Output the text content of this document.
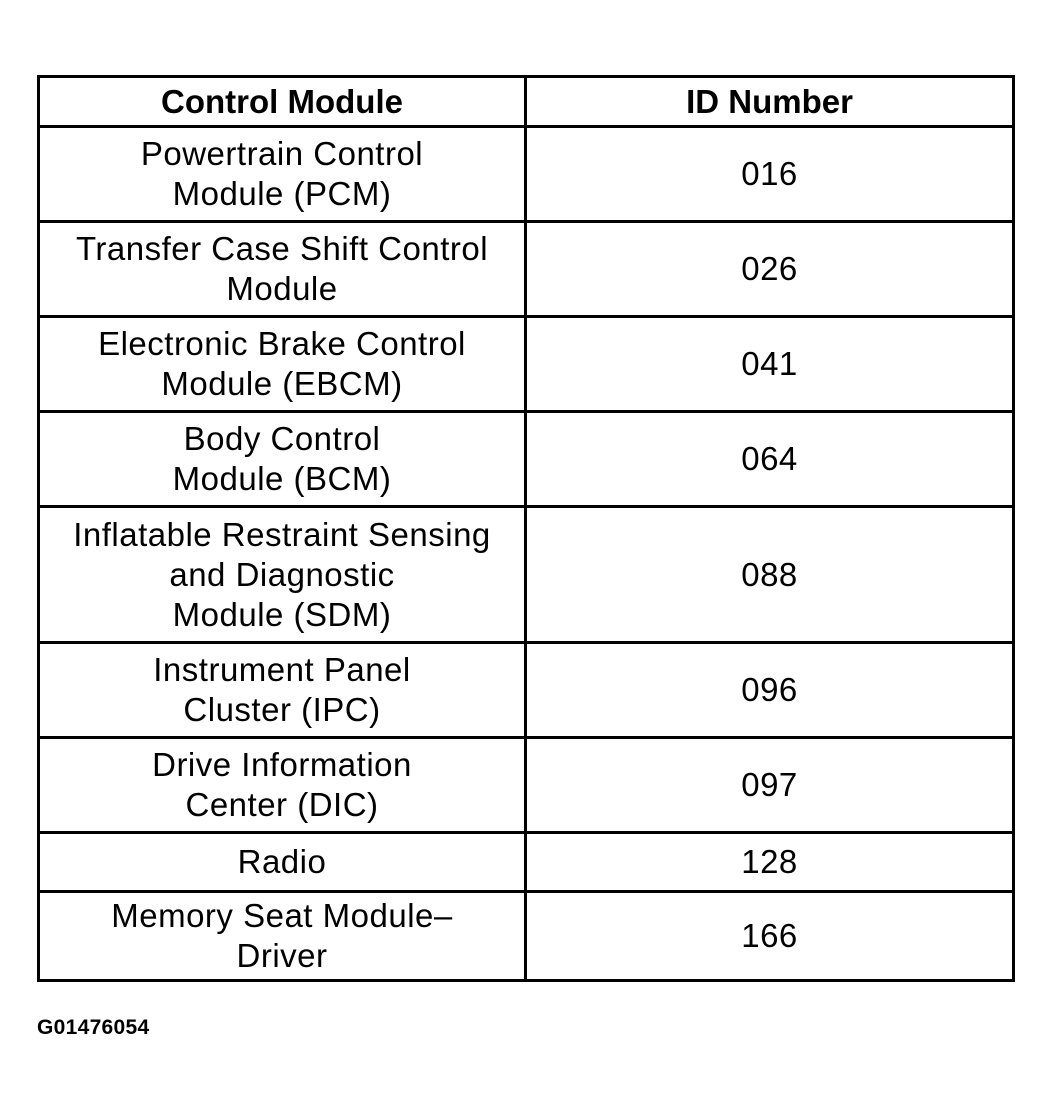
Control Module	ID Number
Powertrain Control
Module (PCM)	016
Transfer Case Shift Control
Module	026
Electronic Brake Control
Module (EBCM)	041
Body Control
Module (BCM)	064
Inflatable Restraint Sensing
and Diagnostic
Module (SDM)	088
Instrument Panel
Cluster (IPC)	096
Drive Information
Center (DIC)	097
Radio	128
Memory Seat Module–
Driver	166
G01476054
